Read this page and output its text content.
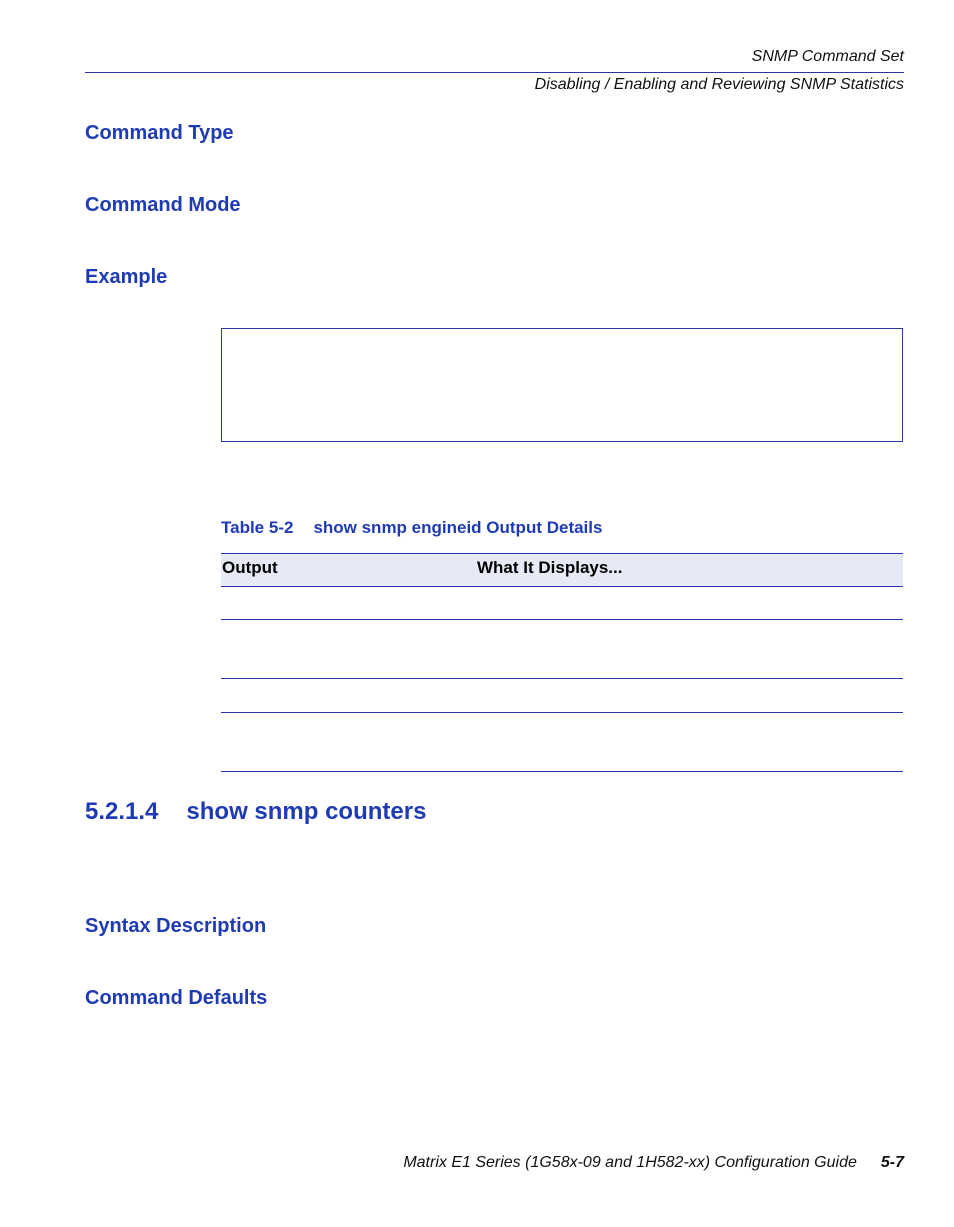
SNMP Command Set
Disabling / Enabling and Reviewing SNMP Statistics
Command Type
Command Mode
Example
Table 5-2 show snmp engineid Output Details
Output	What It Displays...
5.2.1.4 show snmp counters
Syntax Description
Command Defaults
Matrix E1 Series (1G58x-09 and 1H582-xx) Configuration Guide 5-7
